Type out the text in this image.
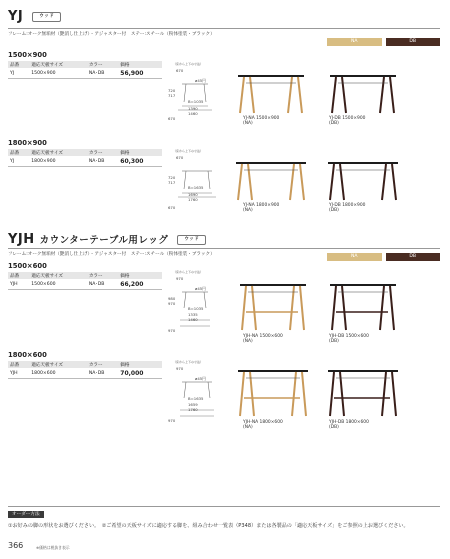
YJ	ウッド
フレーム:オーク無垢材（艶消し仕上げ）・アジャスター付　ステー:スチール（粉体塗装・ブラック）
NA	DB
1500×900
品番	適応天板サイズ	カラー	価格
YJ	1500×900	NA･DB	56,900
（床から上下の寸法）
670
720
717
ø45円
B=1035
1390
1460
670	YJ-NA 1500×900
(NA)
YJ-DB 1500×900
(DB)
1800×900
品番	適応天板サイズ	カラー	価格
YJ	1800×900	NA･DB	60,300
（床から上下の寸法）
670
720
717
B=1635
1690
1760
670	YJ-NA 1800×900
(NA)
YJ-DB 1800×900
(DB)
YJH カウンターテーブル用レッグ	ウッド
フレーム:オーク無垢材（艶消し仕上げ）・アジャスター付　ステー:スチール（粉体塗装・ブラック）	NA	DB
1500×600
品番	適応天板サイズ	カラー	価格
YJH	1500×600	NA･DB	66,200
（床から上下の寸法）
970
980
970
ø45円
B=1035
1335
1460
970
YJH-NA 1500×600
(NA)
YJH-DB 1500×600
(DB)
1800×600
品番	適応天板サイズ	カラー	価格
YJH	1800×600	NA･DB	70,000
（床から上下の寸法）
970
ø45円
B=1635
1659
1760
970	YJH-NA 1800×600
(NA)
YJH-DB 1800×600
(DB)
オーダー方法
①お好みの脚の形状をお選びください。　②ご希望の天板サイズに適応する脚を、組み合わせ一覧表（P348）または各製品の「適応天板サイズ」をご参照の上お選びください。
366	※価格は税抜き表示
